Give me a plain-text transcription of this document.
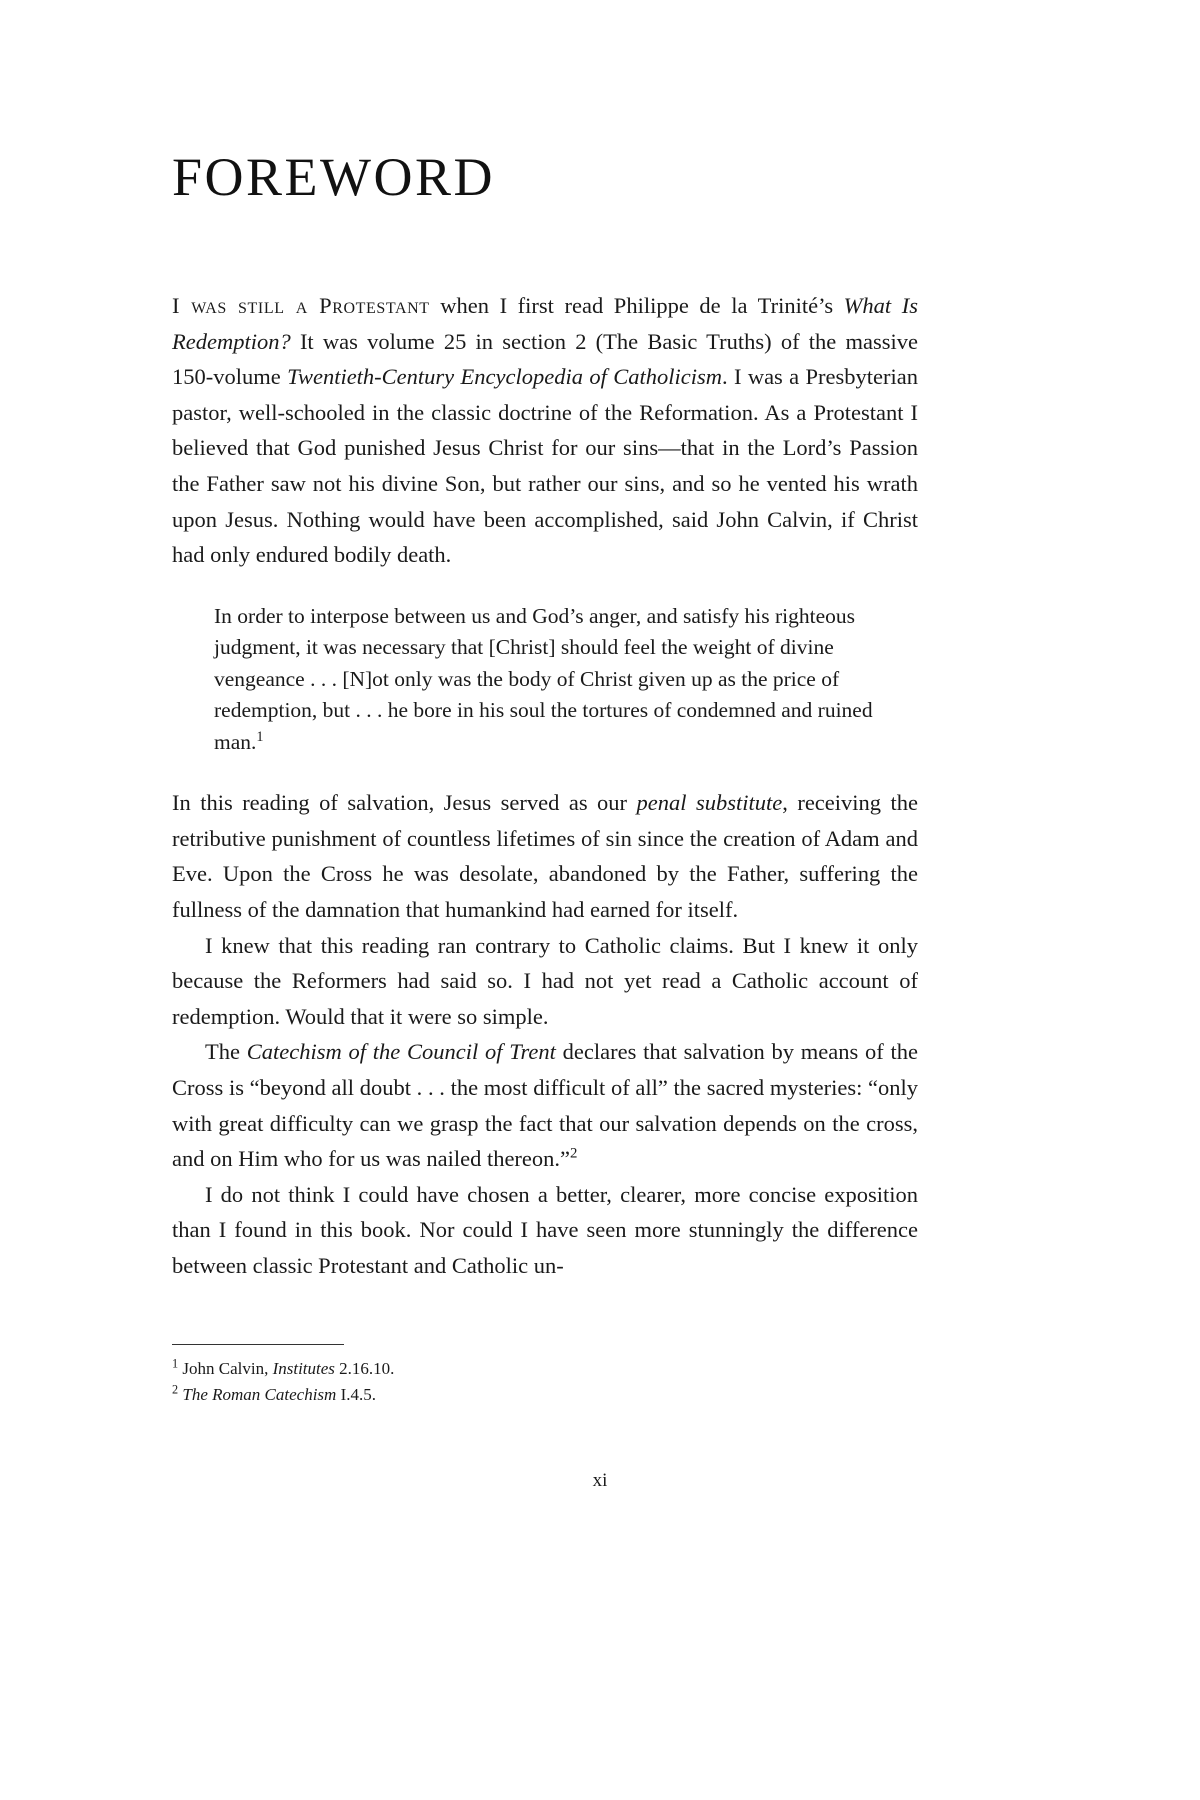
FOREWORD

I was still a Protestant when I first read Philippe de la Trinité’s What Is Redemption? It was volume 25 in section 2 (The Basic Truths) of the massive 150-volume Twentieth-Century Encyclopedia of Catholicism. I was a Presbyterian pastor, well-schooled in the classic doctrine of the Reformation. As a Protestant I believed that God punished Jesus Christ for our sins—that in the Lord’s Passion the Father saw not his divine Son, but rather our sins, and so he vented his wrath upon Jesus. Nothing would have been accomplished, said John Calvin, if Christ had only endured bodily death.

In order to interpose between us and God’s anger, and satisfy his righteous judgment, it was necessary that [Christ] should feel the weight of divine vengeance . . . [N]ot only was the body of Christ given up as the price of redemption, but . . . he bore in his soul the tortures of condemned and ruined man.$^1$

In this reading of salvation, Jesus served as our penal substitute, receiving the retributive punishment of countless lifetimes of sin since the creation of Adam and Eve. Upon the Cross he was desolate, abandoned by the Father, suffering the fullness of the damnation that humankind had earned for itself.

I knew that this reading ran contrary to Catholic claims. But I knew it only because the Reformers had said so. I had not yet read a Catholic account of redemption. Would that it were so simple.

The Catechism of the Council of Trent declares that salvation by means of the Cross is “beyond all doubt . . . the most difficult of all” the sacred mysteries: “only with great difficulty can we grasp the fact that our salvation depends on the cross, and on Him who for us was nailed thereon.”$^2$

I do not think I could have chosen a better, clearer, more concise exposition than I found in this book. Nor could I have seen more stunningly the difference between classic Protestant and Catholic un-

$^1$ John Calvin, Institutes 2.16.10.

$^2$ The Roman Catechism I.4.5.

xi
